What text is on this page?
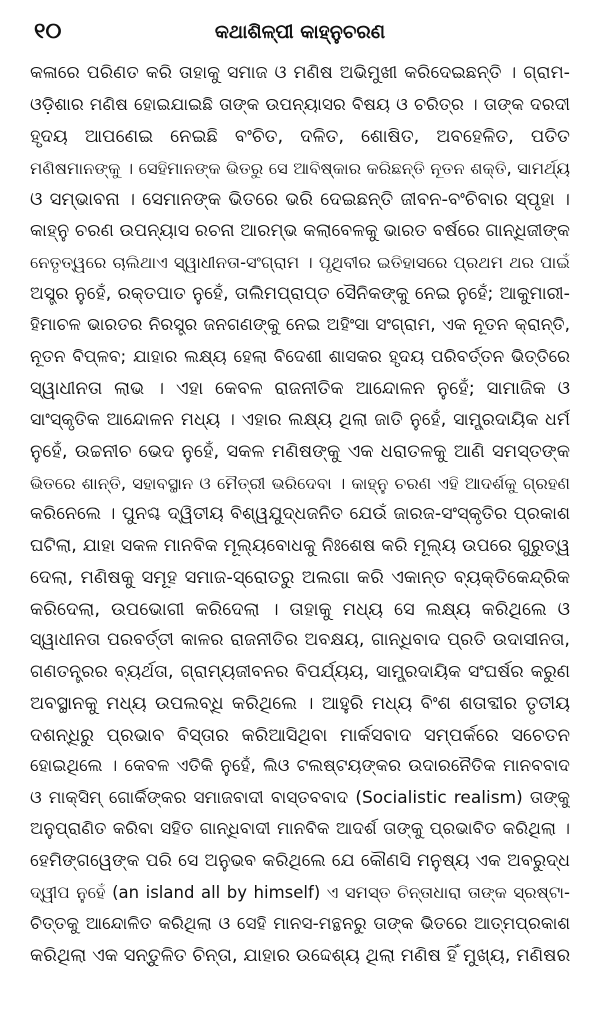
୧୦	କଥାଶିଳ୍ପୀ କାହ୍ନୁଚରଣ
କଳାରେ ପରିଣତ କରି ତାହାକୁ ସମାଜ ଓ ମଣିଷ ଅଭିମୁଖୀ କରିଦେଇଛନ୍ତି । ଗ୍ରାମ-
ଓଡ଼ିଶାର ମଣିଷ ହୋଇଯାଇଛି ତାଙ୍କ ଉପନ୍ୟାସର ବିଷୟ ଓ ଚରିତ୍ର । ତାଙ୍କ ଦରଦୀ
ହୃଦୟ ଆପଣେଇ ନେଇଛି ବଂଚିତ, ଦଳିତ, ଶୋଷିତ, ଅବହେଳିତ, ପତିତ
ମଣିଷମାନଙ୍କୁ । ସେହିମାନଙ୍କ ଭିତରୁ ସେ ଆବିଷ୍କାର କରିଛନ୍ତି ନୂତନ ଶକ୍ତି, ସାମର୍ଥ୍ୟ
ଓ ସମ୍ଭାବନା । ସେମାନଙ୍କ ଭିତରେ ଭରି ଦେଇଛନ୍ତି ଜୀବନ-ବଂଚିବାର ସ୍ପୃହା ।
କାହ୍ନୁ ଚରଣ ଉପନ୍ୟାସ ରଚନା ଆରମ୍ଭ କଲାବେଳକୁ ଭାରତ ବର୍ଷରେ ଗାନ୍ଧିଜୀଙ୍କ
ନେତୃତ୍ୱରେ ଚାଲିଥାଏ ସ୍ୱାଧୀନତା-ସଂଗ୍ରାମ । ପୃଥିବୀର ଇତିହାସରେ ପ୍ରଥମ ଥର ପାଇଁ
ଅସ୍ତ୍ର ନୁହେଁ, ରକ୍ତପାତ ନୁହେଁ, ତାଲିମପ୍ରାପ୍ତ ସୈନିକଙ୍କୁ ନେଇ ନୁହେଁ; ଆକୁମାରୀ-
ହିମାଚଳ ଭାରତର ନିରସ୍ତ୍ର ଜନଗଣଙ୍କୁ ନେଇ ଅହିଂସା ସଂଗ୍ରାମ, ଏକ ନୂତନ କ୍ରାନ୍ତି,
ନୂତନ ବିପ୍ଳବ; ଯାହାର ଲକ୍ଷ୍ୟ ହେଲା ବିଦେଶୀ ଶାସକର ହୃଦୟ ପରିବର୍ତ୍ତନ ଭିତ୍ତିରେ
ସ୍ୱାଧୀନତା ଲାଭ । ଏହା କେବଳ ରାଜନୀତିକ ଆନ୍ଦୋଳନ ନୁହେଁ; ସାମାଜିକ ଓ
ସାଂସ୍କୃତିକ ଆନ୍ଦୋଳନ ମଧ୍ୟ । ଏହାର ଲକ୍ଷ୍ୟ ଥିଲା ଜାତି ନୁହେଁ, ସାମ୍ପ୍ରଦାୟିକ ଧର୍ମ
ନୁହେଁ, ଉଚ୍ଚନୀଚ ଭେଦ ନୁହେଁ, ସକଳ ମଣିଷଙ୍କୁ ଏକ ଧରାତଳକୁ ଆଣି ସମସ୍ତଙ୍କ
ଭିତରେ ଶାନ୍ତି, ସହାବସ୍ଥାନ ଓ ମୈତ୍ରୀ ଭରିଦେବା । କାହ୍ନୁ ଚରଣ ଏହି ଆଦର୍ଶକୁ ଗ୍ରହଣ
କରିନେଲେ । ପୁନଶ୍ଚ ଦ୍ୱିତୀୟ ବିଶ୍ୱଯୁଦ୍ଧଜନିତ ଯେଉଁ ଜାରଜ-ସଂସ୍କୃତିର ପ୍ରକାଶ
ଘଟିଲା, ଯାହା ସକଳ ମାନବିକ ମୂଲ୍ୟବୋଧକୁ ନିଃଶେଷ କରି ମୂଲ୍ୟ ଉପରେ ଗୁରୁତ୍ୱ
ଦେଲା, ମଣିଷକୁ ସମୂହ ସମାଜ-ସ୍ରୋତରୁ ଅଲଗା କରି ଏକାନ୍ତ ବ୍ୟକ୍ତିକେନ୍ଦ୍ରିକ
କରିଦେଲା, ଉପଭୋଗୀ କରିଦେଲା । ତାହାକୁ ମଧ୍ୟ ସେ ଲକ୍ଷ୍ୟ କରିଥିଲେ ଓ
ସ୍ୱାଧୀନତା ପରବର୍ତ୍ତୀ କାଳର ରାଜନୀତିର ଅବକ୍ଷୟ, ଗାନ୍ଧିବାଦ ପ୍ରତି ଉଦାସୀନତା,
ଗଣତନ୍ତ୍ରର ବ୍ୟର୍ଥତା, ଗ୍ରାମ୍ୟଜୀବନର ବିପର୍ଯ୍ୟୟ, ସାମ୍ପ୍ରଦାୟିକ ସଂଘର୍ଷର କରୁଣ
ଅବସ୍ଥାନକୁ ମଧ୍ୟ ଉପଲବ୍ଧି କରିଥିଲେ । ଆହୁରି ମଧ୍ୟ ବିଂଶ ଶତାବ୍ଦୀର ତୃତୀୟ
ଦଶନ୍ଧିରୁ ପ୍ରଭାବ ବିସ୍ତାର କରିଆସିଥିବା ମାର୍କସବାଦ ସମ୍ପର୍କରେ ସଚେତନ
ହୋଇଥିଲେ । କେବଳ ଏତିକି ନୁହେଁ, ଲିଓ ଟଲଷ୍ଟୟଙ୍କର ଉଦାରନୈତିକ ମାନବବାଦ
ଓ ମାକ୍ସିମ୍ ଗୋର୍କିଙ୍କର ସମାଜବାଦୀ ବାସ୍ତବବାଦ (Socialistic realism) ତାଙ୍କୁ
ଅନୁପ୍ରାଣିତ କରିବା ସହିତ ଗାନ୍ଧିବାଦୀ ମାନବିକ ଆଦର୍ଶ ତାଙ୍କୁ ପ୍ରଭାବିତ କରିଥିଲା ।
ହେମିଙ୍ଗୱେଙ୍କ ପରି ସେ ଅନୁଭବ କରିଥିଲେ ଯେ କୌଣସି ମନୁଷ୍ୟ ଏକ ଅବରୁଦ୍ଧ
ଦ୍ୱୀପ ନୁହେଁ (an island all by himself) ଏ ସମସ୍ତ ଚିନ୍ତାଧାରା ତାଙ୍କ ସ୍ରଷ୍ଟା-
ଚିତ୍ତକୁ ଆନ୍ଦୋଳିତ କରିଥିଲା ଓ ସେହି ମାନସ-ମନ୍ଥନରୁ ତାଙ୍କ ଭିତରେ ଆତ୍ମପ୍ରକାଶ
କରିଥିଲା ଏକ ସନ୍ତୁଳିତ ଚିନ୍ତା, ଯାହାର ଉଦ୍ଦେଶ୍ୟ ଥିଲା ମଣିଷ ହିଁ ମୁଖ୍ୟ, ମଣିଷର
